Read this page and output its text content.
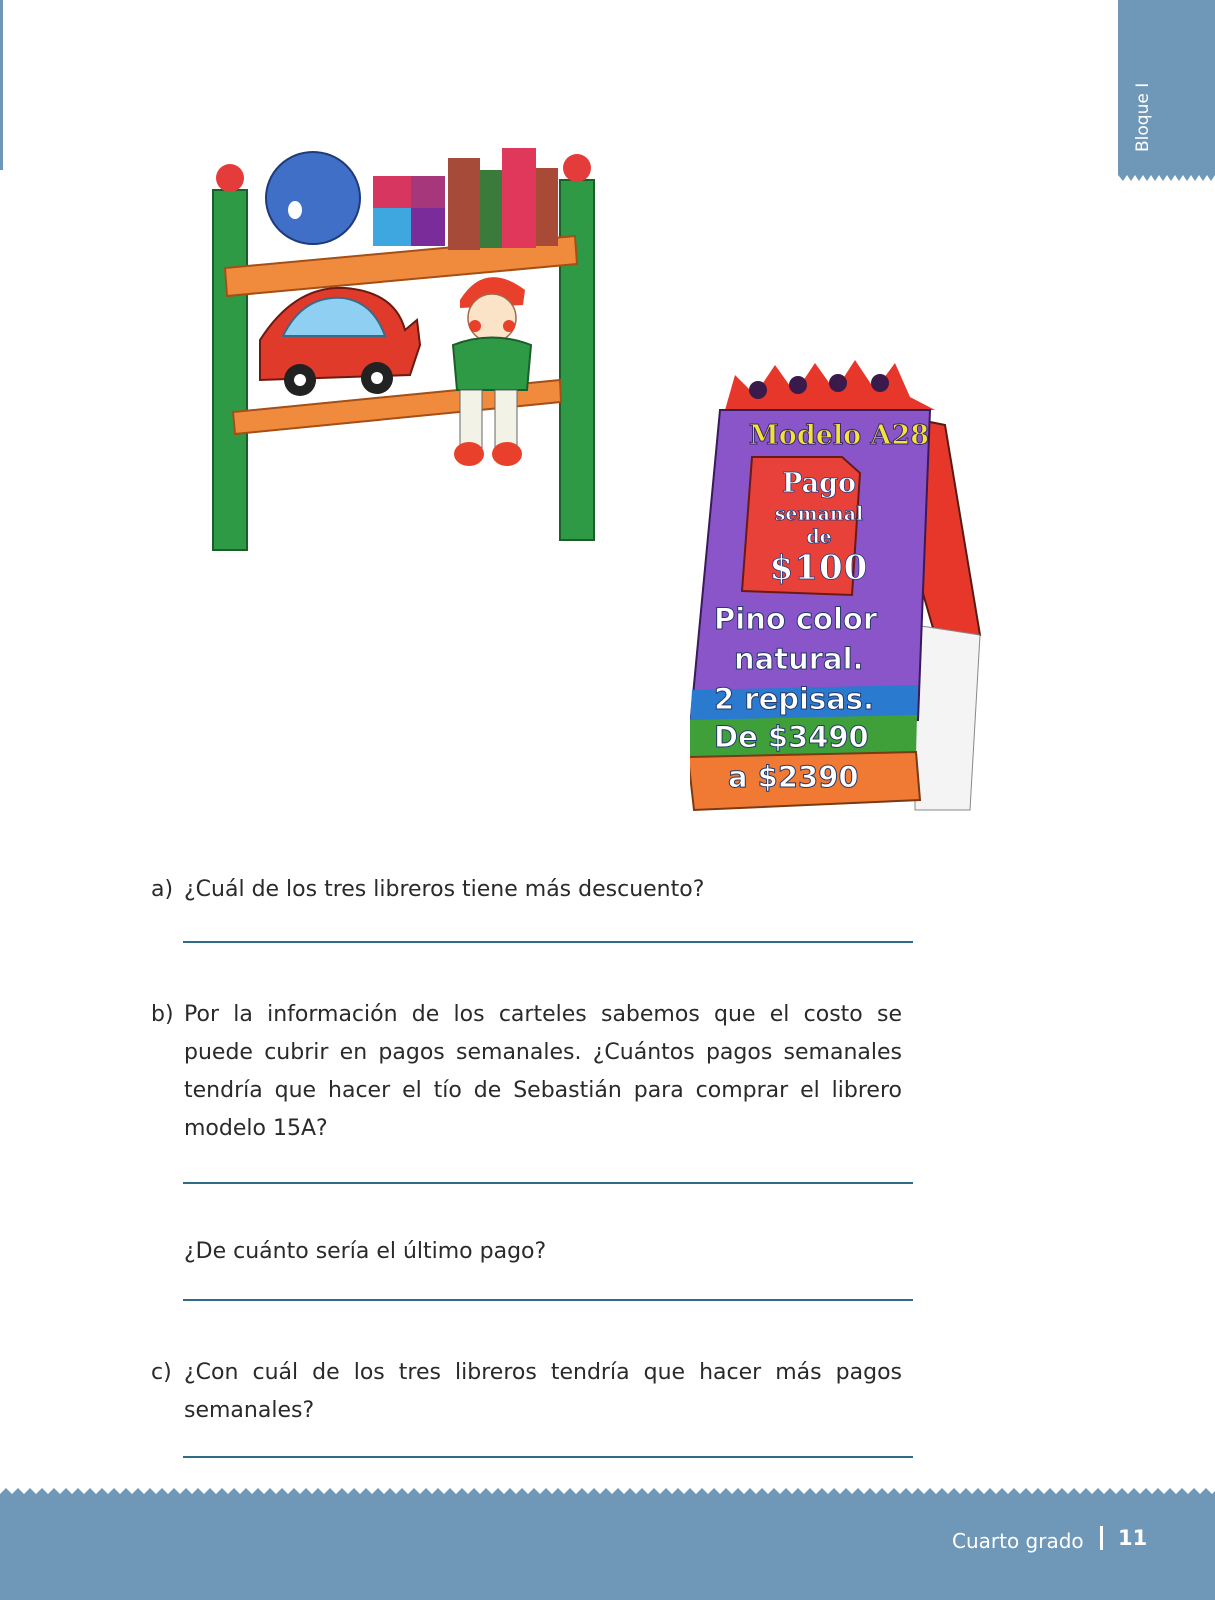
Bloque I
Modelo A28
Pago
semanal
de
$100
Pino color
natural.
2 repisas.
De $3490
a $2390
a) ¿Cuál de los tres libreros tiene más descuento?
b) Por la información de los carteles sabemos que el costo se puede cubrir en pagos semanales. ¿Cuántos pagos semanales tendría que hacer el tío de Sebastián para comprar el librero modelo 15A?
¿De cuánto sería el último pago?
c) ¿Con cuál de los tres libreros tendría que hacer más pagos semanales?
Cuarto grado 11
